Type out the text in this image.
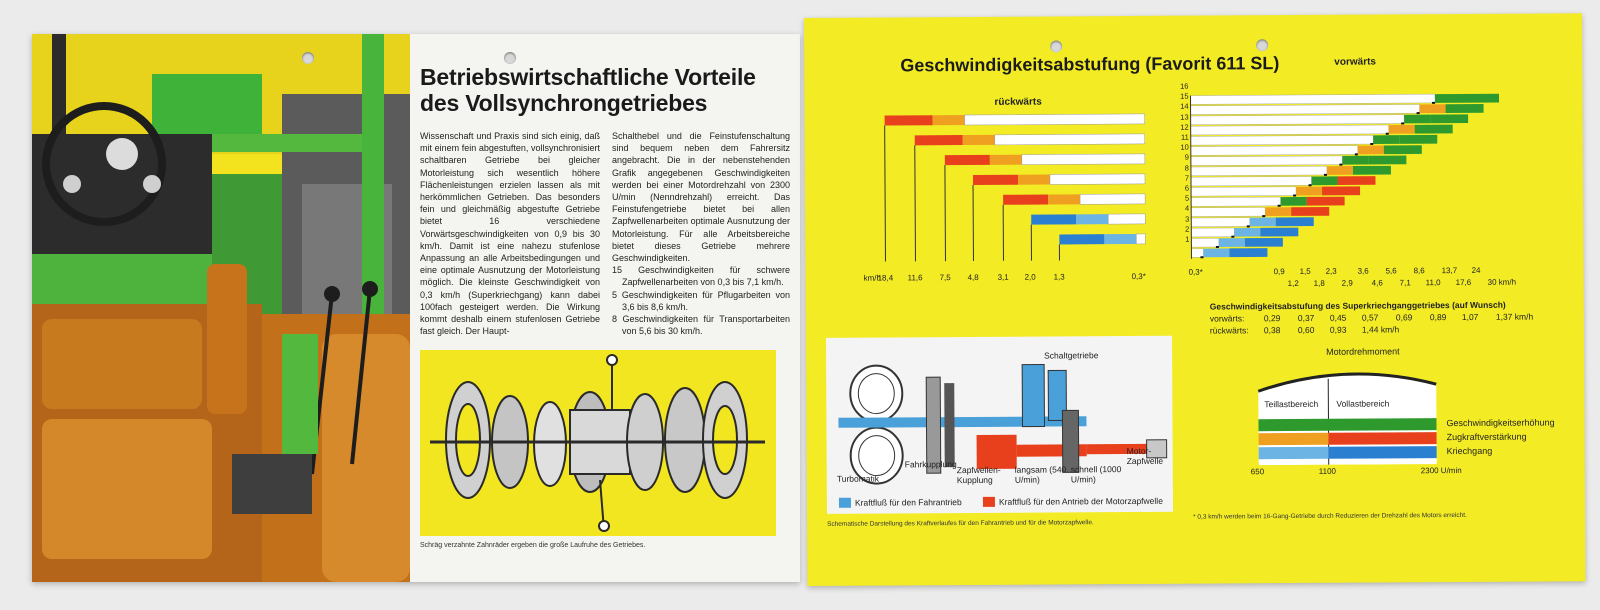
Betriebswirtschaftliche Vorteile
des Vollsynchrongetriebes
Wissenschaft und Praxis sind sich einig, daß mit einem fein abgestuften, vollsynchronisiert schaltbaren Getriebe bei gleicher Motorleistung sich wesentlich höhere Flächenleistungen erzielen lassen als mit herkömmlichen Getrieben. Das besonders fein und gleichmäßig abgestufte Getriebe bietet 16 verschiedene Vorwärtsgeschwindigkeiten von 0,9 bis 30 km/h. Damit ist eine nahezu stufenlose Anpassung an alle Arbeitsbedingungen und eine optimale Ausnutzung der Motorleistung möglich. Die kleinste Geschwindigkeit von 0,3 km/h (Superkriechgang) kann dabei 100fach gesteigert werden. Die Wirkung kommt deshalb einem stufenlosen Getriebe fast gleich. Der Haupt-
Schalthebel und die Feinstufenschaltung sind bequem neben dem Fahrersitz angebracht. Die in der nebenstehenden Grafik angegebenen Geschwindigkeiten werden bei einer Motordrehzahl von 2300 U/min (Nenndrehzahl) erreicht. Das Feinstufengetriebe bietet bei allen Zapfwellenarbeiten optimale Ausnutzung der Motorleistung. Für alle Arbeitsbereiche bietet dieses Getriebe mehrere Geschwindigkeiten.
15 Geschwindigkeiten für schwere Zapfwellenarbeiten von 0,3 bis 7,1 km/h.
5 Geschwindigkeiten für Pflugarbeiten von 3,6 bis 8,6 km/h.
8 Geschwindigkeiten für Transportarbeiten von 5,6 bis 30 km/h.
Schräg verzahnte Zahnräder ergeben die große Laufruhe des Getriebes.
Geschwindigkeitsabstufung (Favorit 611 SL)	vorwärts
rückwärts
km/h
18,4 11,6 7,5 4,8 3,1 2,0 1,3	0,3*	0,3*	0,9 1,5 2,3	3,6 5,6 8,6 13,7 24
1,2 1,8 2,9 4,6 7,1 11,0 17,6 30 km/h
16
15
14
13
12
11
10
9
8
7
6
5
4
3
2
1
Geschwindigkeitsabstufung des Superkriechganggetriebes (auf Wunsch)
vorwärts: 0,29 0,37 0,45 0,57 0,69 0,89 1,07 1,37 km/h
rückwärts: 0,38 0,60 0,93 1,44 km/h
Motordrehmoment
Teillastbereich Vollastbereich
Geschwindigkeitserhöhung
Zugkraftverstärkung
Kriechgang
650	1100	2300 U/min
Schaltgetriebe
Turbomatik
Fahrkupplung
Zapfwellen-Kupplung
langsam (540 U/min)
schnell (1000 U/min)
Motor-Zapfwelle
Kraftfluß für den Fahrantrieb	Kraftfluß für den Antrieb der Motorzapfwelle
Schematische Darstellung des Kraftverlaufes für den Fahrantrieb und für die Motorzapfwelle.
* 0,3 km/h werden beim 16-Gang-Getriebe durch Reduzieren der Drehzahl des Motors erreicht.
